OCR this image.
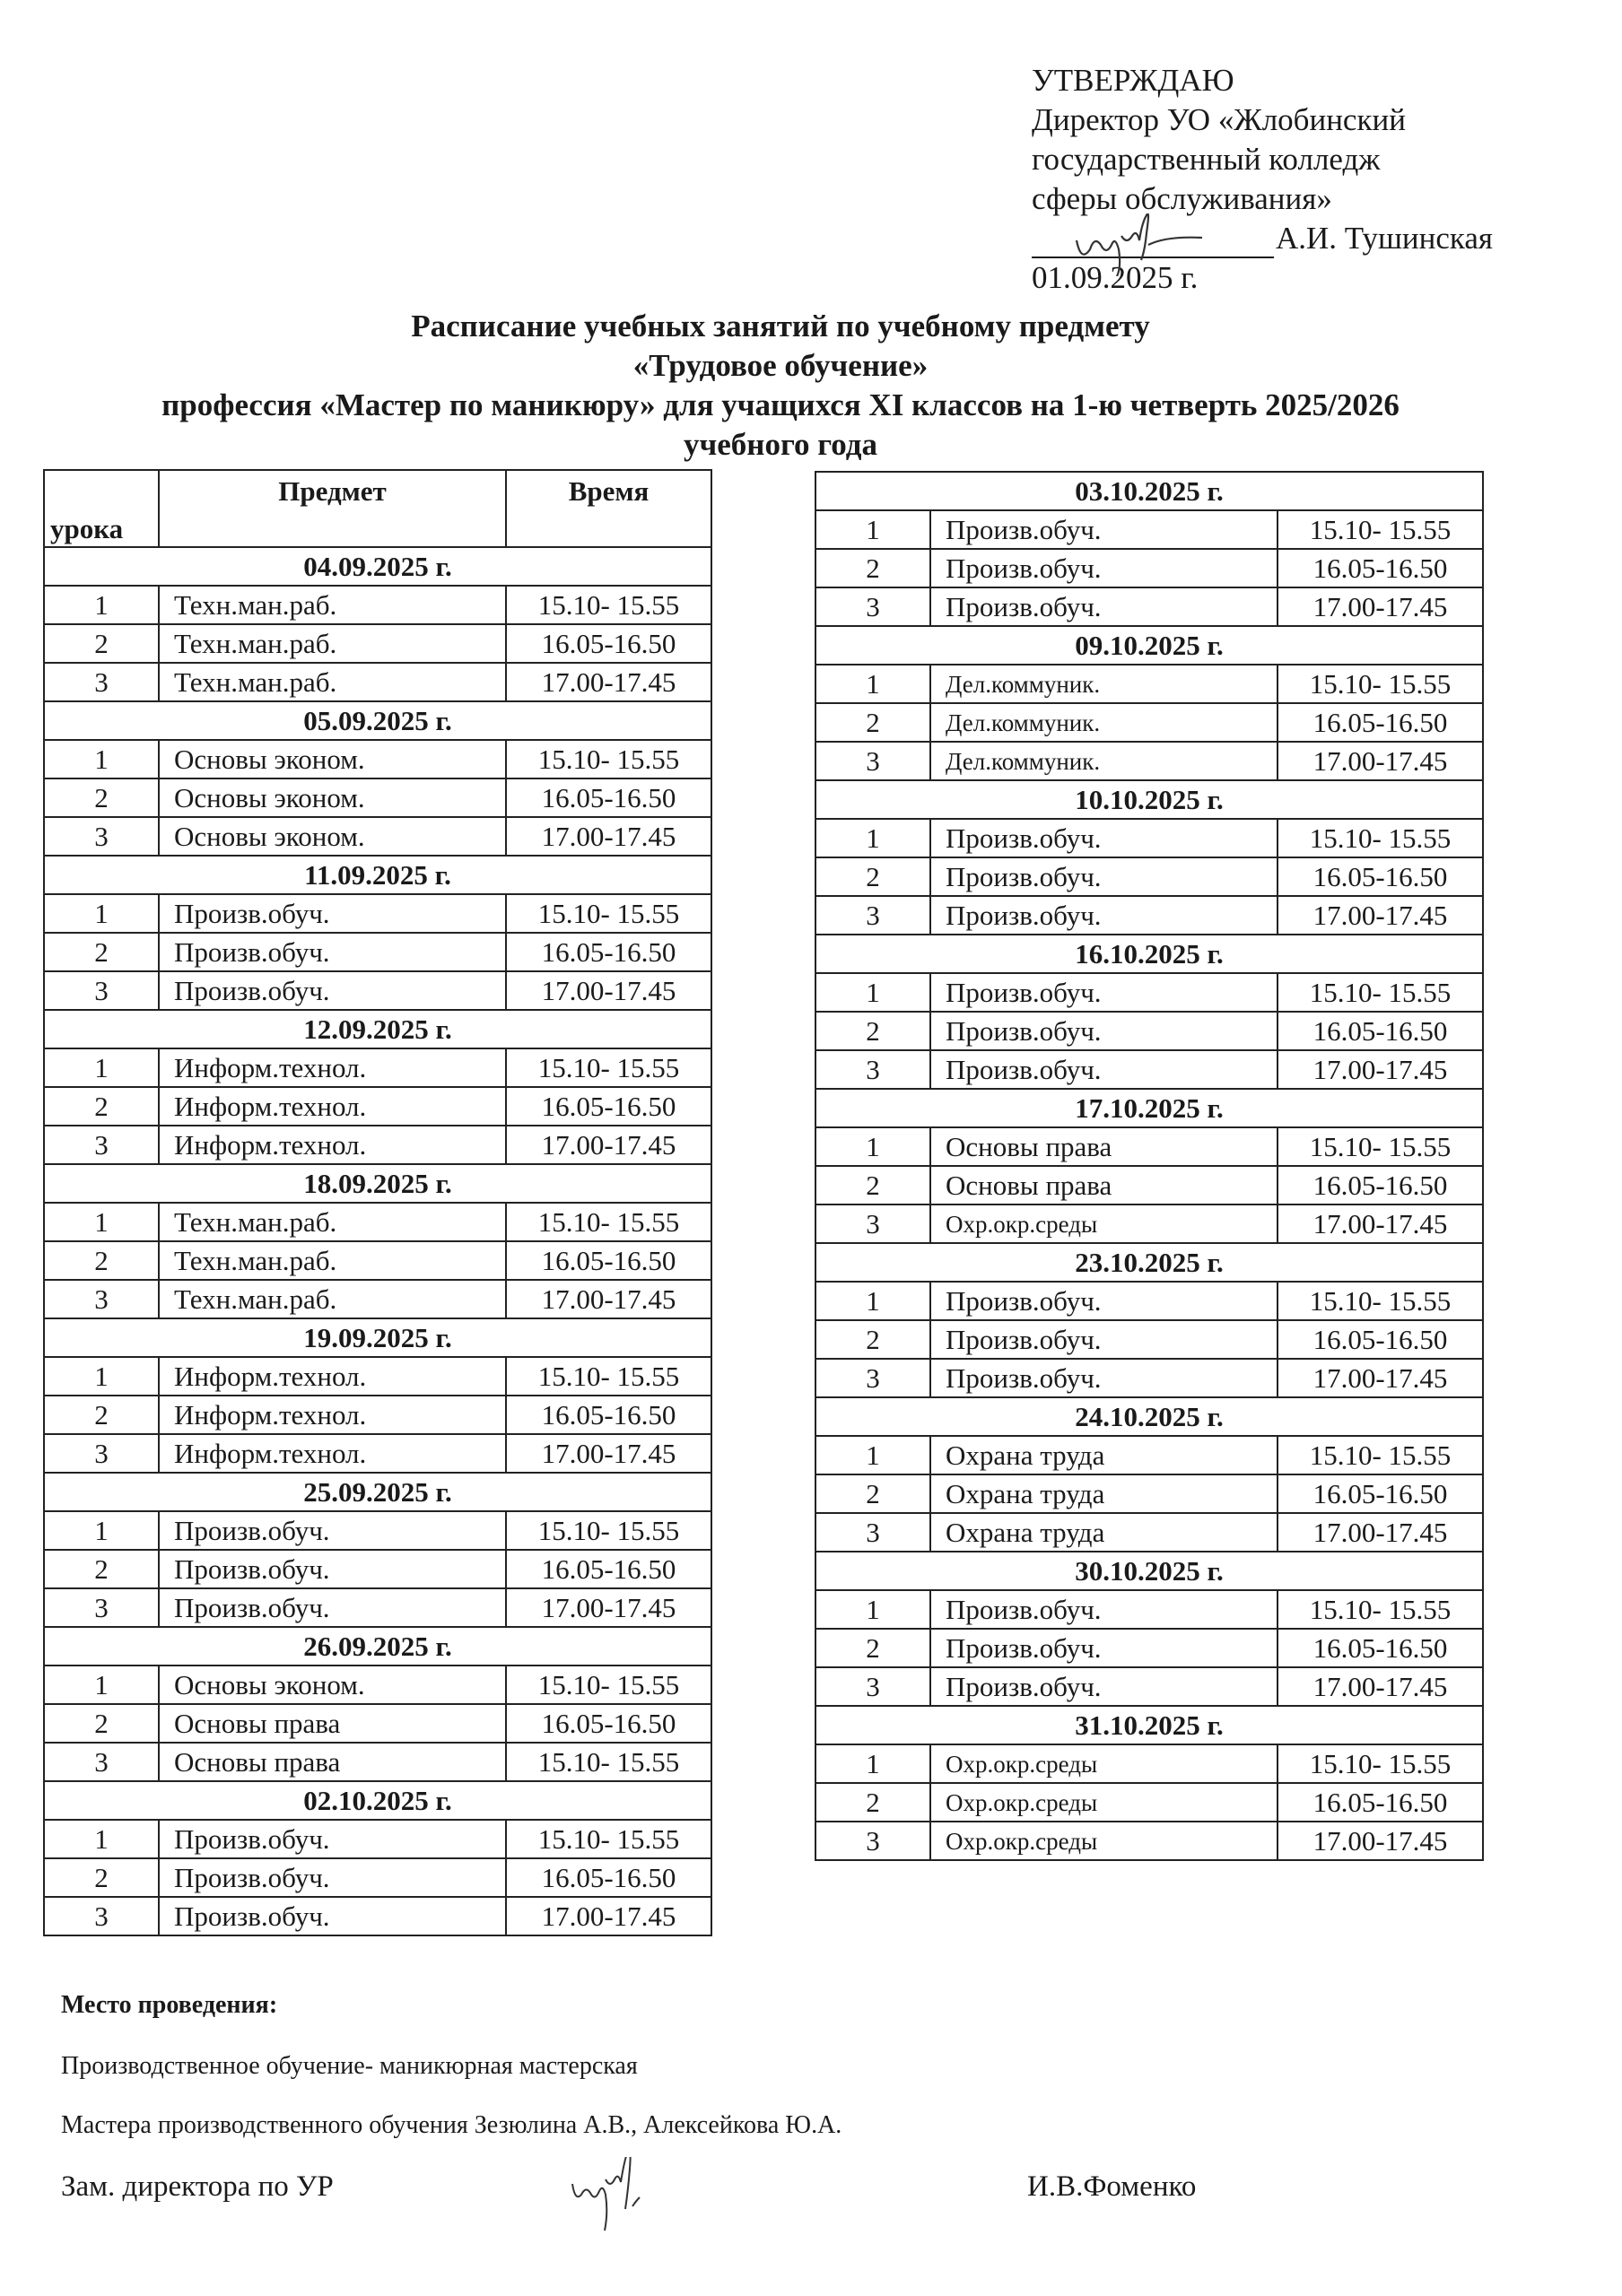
УТВЕРЖДАЮ
Директор УО «Жлобинский
государственный колледж
сферы обслуживания»
А.И. Тушинская
01.09.2025 г.
Расписание учебных занятий по учебному предмету
«Трудовое обучение»
профессия «Мастер по маникюру» для учащихся XI классов на 1-ю четверть 2025/2026
учебного года
урока	Предмет	Время
04.09.2025 г.		
1	Техн.ман.раб.	15.10- 15.55
2	Техн.ман.раб.	16.05-16.50
3	Техн.ман.раб.	17.00-17.45
05.09.2025 г.		
1	Основы эконом.	15.10- 15.55
2	Основы эконом.	16.05-16.50
3	Основы эконом.	17.00-17.45
11.09.2025 г.		
1	Произв.обуч.	15.10- 15.55
2	Произв.обуч.	16.05-16.50
3	Произв.обуч.	17.00-17.45
12.09.2025 г.		
1	Информ.технол.	15.10- 15.55
2	Информ.технол.	16.05-16.50
3	Информ.технол.	17.00-17.45
18.09.2025 г.		
1	Техн.ман.раб.	15.10- 15.55
2	Техн.ман.раб.	16.05-16.50
3	Техн.ман.раб.	17.00-17.45
19.09.2025 г.		
1	Информ.технол.	15.10- 15.55
2	Информ.технол.	16.05-16.50
3	Информ.технол.	17.00-17.45
25.09.2025 г.		
1	Произв.обуч.	15.10- 15.55
2	Произв.обуч.	16.05-16.50
3	Произв.обуч.	17.00-17.45
26.09.2025 г.		
1	Основы эконом.	15.10- 15.55
2	Основы права	16.05-16.50
3	Основы права	15.10- 15.55
02.10.2025 г.		
1	Произв.обуч.	15.10- 15.55
2	Произв.обуч.	16.05-16.50
3	Произв.обуч.	17.00-17.45
03.10.2025 г.		
1	Произв.обуч.	15.10- 15.55
2	Произв.обуч.	16.05-16.50
3	Произв.обуч.	17.00-17.45
09.10.2025 г.		
1	Дел.коммуник.	15.10- 15.55
2	Дел.коммуник.	16.05-16.50
3	Дел.коммуник.	17.00-17.45
10.10.2025 г.		
1	Произв.обуч.	15.10- 15.55
2	Произв.обуч.	16.05-16.50
3	Произв.обуч.	17.00-17.45
16.10.2025 г.		
1	Произв.обуч.	15.10- 15.55
2	Произв.обуч.	16.05-16.50
3	Произв.обуч.	17.00-17.45
17.10.2025 г.		
1	Основы права	15.10- 15.55
2	Основы права	16.05-16.50
3	Охр.окр.среды	17.00-17.45
23.10.2025 г.		
1	Произв.обуч.	15.10- 15.55
2	Произв.обуч.	16.05-16.50
3	Произв.обуч.	17.00-17.45
24.10.2025 г.		
1	Охрана труда	15.10- 15.55
2	Охрана труда	16.05-16.50
3	Охрана труда	17.00-17.45
30.10.2025 г.		
1	Произв.обуч.	15.10- 15.55
2	Произв.обуч.	16.05-16.50
3	Произв.обуч.	17.00-17.45
31.10.2025 г.		
1	Охр.окр.среды	15.10- 15.55
2	Охр.окр.среды	16.05-16.50
3	Охр.окр.среды	17.00-17.45
Место проведения:
Производственное обучение- маникюрная мастерская
Мастера производственного обучения Зезюлина А.В., Алексейкова Ю.А.
Зам. директора по УР	И.В.Фоменко
